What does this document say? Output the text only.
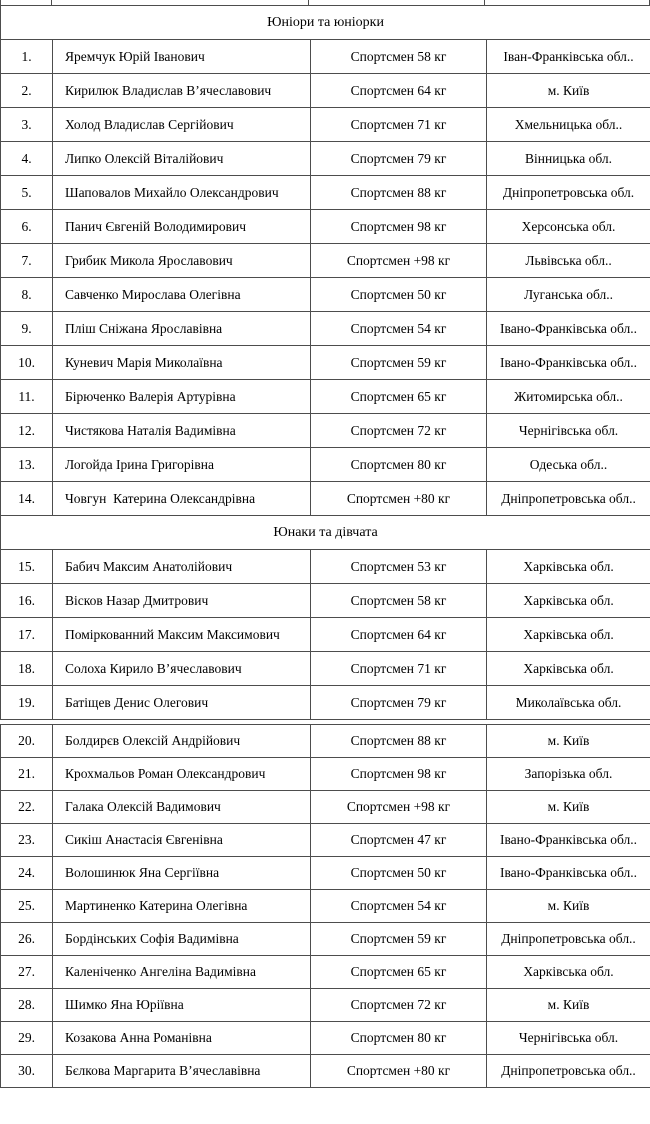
Юніори та юніорки			
1.	Яремчук Юрій Іванович	Спортсмен 58 кг	Іван-Франківська обл..
2.	Кирилюк Владислав В’ячеславович	Спортсмен 64 кг	м. Київ
3.	Холод Владислав Сергійович	Спортсмен 71 кг	Хмельницька обл..
4.	Липко Олексій Віталійович	Спортсмен 79 кг	Вінницька обл.
5.	Шаповалов Михайло Олександрович	Спортсмен 88 кг	Дніпропетровська обл.
6.	Панич Євгеній Володимирович	Спортсмен 98 кг	Херсонська обл.
7.	Грибик Микола Ярославович	Спортсмен +98 кг	Львівська обл..
8.	Савченко Мирослава Олегівна	Спортсмен 50 кг	Луганська обл..
9.	Пліш Сніжана Ярославівна	Спортсмен 54 кг	Івано-Франківська обл..
10.	Куневич Марія Миколаївна	Спортсмен 59 кг	Івано-Франківська обл..
11.	Бірюченко Валерія Артурівна	Спортсмен 65 кг	Житомирська обл..
12.	Чистякова Наталія Вадимівна	Спортсмен 72 кг	Чернігівська обл.
13.	Логойда Ірина Григорівна	Спортсмен 80 кг	Одеська обл..
14.	Човгун  Катерина Олександрівна	Спортсмен +80 кг	Дніпропетровська обл..
Юнаки та дівчата			
15.	Бабич Максим Анатолійович	Спортсмен 53 кг	Харківська обл.
16.	Вісков Назар Дмитрович	Спортсмен 58 кг	Харківська обл.
17.	Поміркованний Максим Максимович	Спортсмен 64 кг	Харківська обл.
18.	Солоха Кирило В’ячеславович	Спортсмен 71 кг	Харківська обл.
19.	Батіщев Денис Олегович	Спортсмен 79 кг	Миколаївська обл.
20.	Болдирєв Олексій Андрійович	Спортсмен 88 кг	м. Київ
21.	Крохмальов Роман Олександрович	Спортсмен 98 кг	Запорізька обл.
22.	Галака Олексій Вадимович	Спортсмен +98 кг	м. Київ
23.	Сикіш Анастасія Євгенівна	Спортсмен 47 кг	Івано-Франківська обл..
24.	Волошинюк Яна Сергіївна	Спортсмен 50 кг	Івано-Франківська обл..
25.	Мартиненко Катерина Олегівна	Спортсмен 54 кг	м. Київ
26.	Бордінських Софія Вадимівна	Спортсмен 59 кг	Дніпропетровська обл..
27.	Каленіченко Ангеліна Вадимівна	Спортсмен 65 кг	Харківська обл.
28.	Шимко Яна Юріївна	Спортсмен 72 кг	м. Київ
29.	Козакова Анна Романівна	Спортсмен 80 кг	Чернігівська обл.
30.	Бєлкова Маргарита В’ячеславівна	Спортсмен +80 кг	Дніпропетровська обл..
